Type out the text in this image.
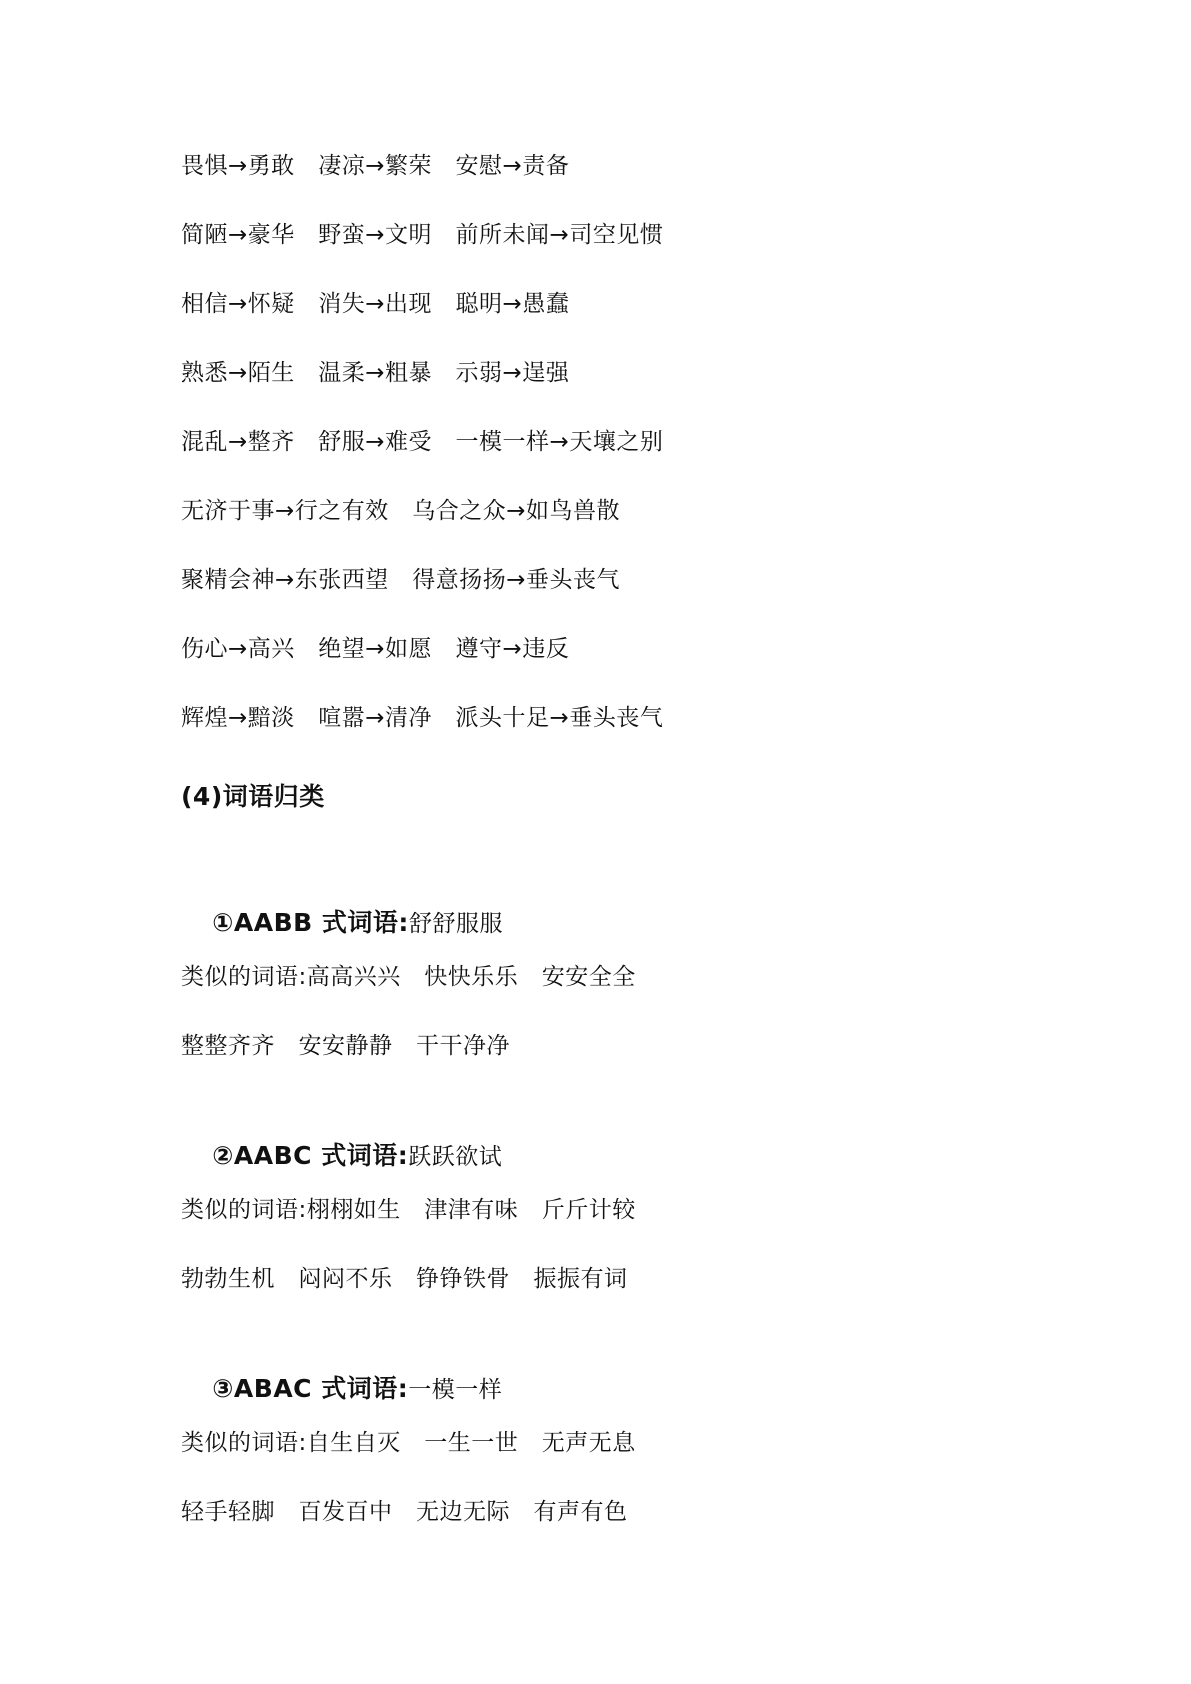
畏惧→勇敢　凄凉→繁荣　安慰→责备
简陋→豪华　野蛮→文明　前所未闻→司空见惯
相信→怀疑　消失→出现　聪明→愚蠢
熟悉→陌生　温柔→粗暴　示弱→逞强
混乱→整齐　舒服→难受　一模一样→天壤之别
无济于事→行之有效　乌合之众→如鸟兽散
聚精会神→东张西望　得意扬扬→垂头丧气
伤心→高兴　绝望→如愿　遵守→违反
辉煌→黯淡　喧嚣→清净　派头十足→垂头丧气
(4)词语归类

①AABB 式词语:舒舒服服

类似的词语:高高兴兴　快快乐乐　安安全全
整整齐齐　安安静静　干干净净

②AABC 式词语:跃跃欲试

类似的词语:栩栩如生　津津有味　斤斤计较
勃勃生机　闷闷不乐　铮铮铁骨　振振有词

③ABAC 式词语:一模一样

类似的词语:自生自灭　一生一世　无声无息
轻手轻脚　百发百中　无边无际　有声有色
